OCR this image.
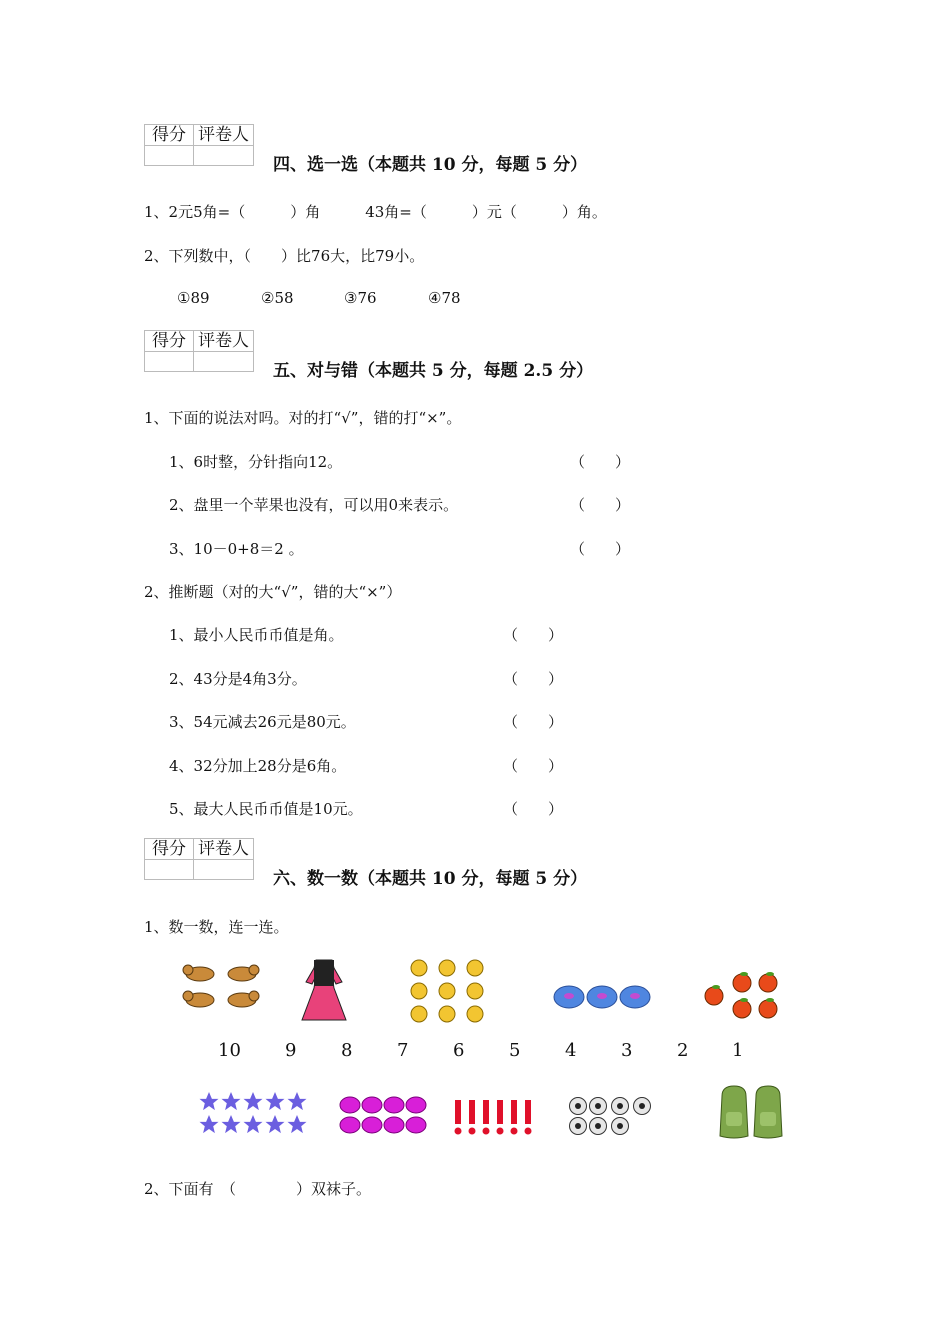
得分 评卷人
四、选一选（本题共 10 分，每题 5 分）
1、2元5角=（　　　）角　　　43角=（　　　）元（　　　）角。
2、下列数中，（　　）比76大，比79小。
①89	②58	③76	④78
得分 评卷人
五、对与错（本题共 5 分，每题 2.5 分）
1、下面的说法对吗。对的打“√”，错的打“×”。
1、6时整，分针指向12。	（　　）
2、盘里一个苹果也没有，可以用0来表示。	（　　）
3、10－0+8＝2 。	（　　）
2、推断题（对的大“√”，错的大“×”）
1、最小人民币币值是角。	（　　）
2、43分是4角3分。	（　　）
3、54元减去26元是80元。	（　　）
4、32分加上28分是6角。	（　　）
5、最大人民币币值是10元。	（　　）
得分 评卷人
六、数一数（本题共 10 分，每题 5 分）
1、数一数，连一连。
10 9 8 7 6 5 4 3 2 1
2、下面有　（　　　　）双袜子。
